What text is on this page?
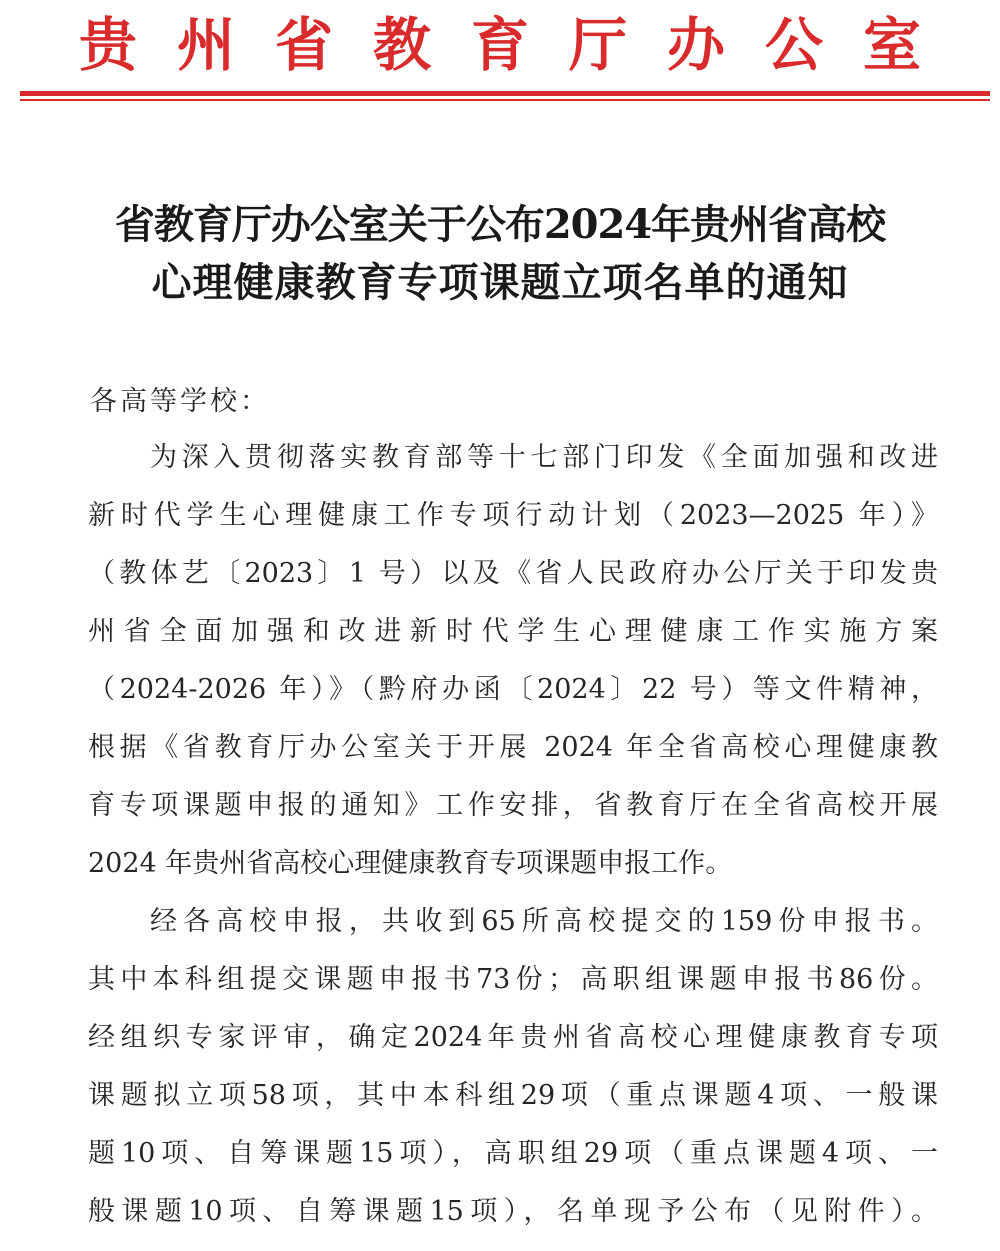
贵州省教育厅办公室
省教育厅办公室关于公布2024年贵州省高校
心理健康教育专项课题立项名单的通知
各高等学校：
为深入贯彻落实教育部等十七部门印发《全面加强和改进
新时代学生心理健康工作专项行动计划（2023—2025 年）》
（教体艺〔2023〕1 号）以及《省人民政府办公厅关于印发贵
州省全面加强和改进新时代学生心理健康工作实施方案
（2024-2026 年）》（黔府办函〔2024〕22 号）等文件精神，
根据《省教育厅办公室关于开展 2024 年全省高校心理健康教
育专项课题申报的通知》工作安排，省教育厅在全省高校开展
2024 年贵州省高校心理健康教育专项课题申报工作。
经各高校申报，共收到65所高校提交的159份申报书。
其中本科组提交课题申报书73份；高职组课题申报书86份。
经组织专家评审，确定2024年贵州省高校心理健康教育专项
课题拟立项58项，其中本科组29项（重点课题4项、一般课
题10项、自筹课题15项），高职组29项（重点课题4项、一
般课题10项、自筹课题15项），名单现予公布（见附件）。
